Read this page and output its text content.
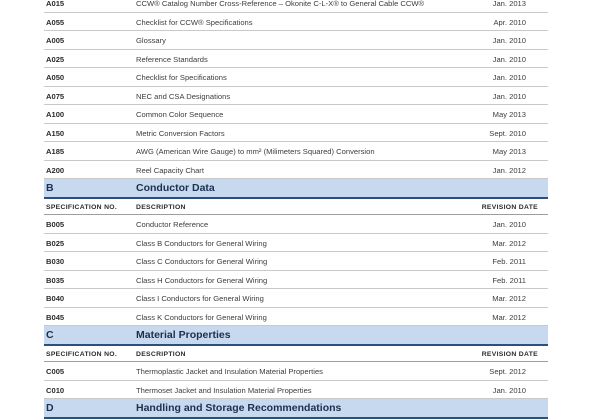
A015	CCW® Catalog Number Cross-Reference – Okonite C-L-X® to General Cable CCW®	Jan. 2013
A055	Checklist for CCW® Specifications	Apr. 2010
A005	Glossary	Jan. 2010
A025	Reference Standards	Jan. 2010
A050	Checklist for Specifications	Jan. 2010
A075	NEC and CSA Designations	Jan. 2010
A100	Common Color Sequence	May 2013
A150	Metric Conversion Factors	Sept. 2010
A185	AWG (American Wire Gauge) to mm² (Milimeters Squared) Conversion	May 2013
A200	Reel Capacity Chart	Jan. 2012
B	Conductor Data
SPECIFICATION NO.	DESCRIPTION	REVISION DATE
B005	Conductor Reference	Jan. 2010
B025	Class B Conductors for General Wiring	Mar. 2012
B030	Class C Conductors for General Wiring	Feb. 2011
B035	Class H Conductors for General Wiring	Feb. 2011
B040	Class I Conductors for General Wiring	Mar. 2012
B045	Class K Conductors for General Wiring	Mar. 2012
C	Material Properties
SPECIFICATION NO.	DESCRIPTION	REVISION DATE
C005	Thermoplastic Jacket and Insulation Material Properties	Sept. 2012
C010	Thermoset Jacket and Insulation Material Properties	Jan. 2010
D	Handling and Storage Recommendations
